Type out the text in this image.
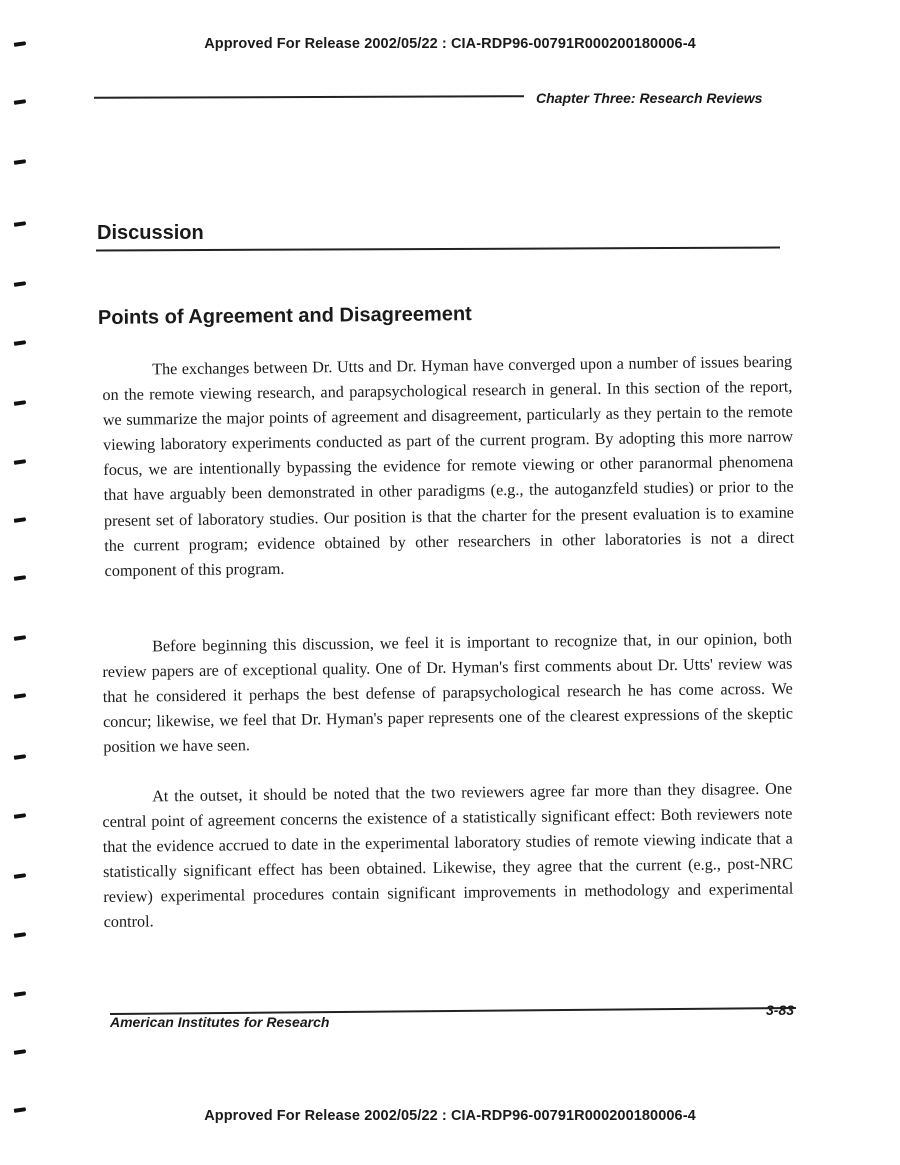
Approved For Release 2002/05/22 : CIA-RDP96-00791R000200180006-4
Chapter Three: Research Reviews
Discussion
Points of Agreement and Disagreement

The exchanges between Dr. Utts and Dr. Hyman have converged upon a number of issues bearing on the remote viewing research, and parapsychological research in general. In this section of the report, we summarize the major points of agreement and disagreement, particularly as they pertain to the remote viewing laboratory experiments conducted as part of the current program. By adopting this more narrow focus, we are intentionally bypassing the evidence for remote viewing or other paranormal phenomena that have arguably been demonstrated in other paradigms (e.g., the autoganzfeld studies) or prior to the present set of laboratory studies. Our position is that the charter for the present evaluation is to examine the current program; evidence obtained by other researchers in other laboratories is not a direct component of this program.

Before beginning this discussion, we feel it is important to recognize that, in our opinion, both review papers are of exceptional quality. One of Dr. Hyman's first comments about Dr. Utts' review was that he considered it perhaps the best defense of parapsychological research he has come across. We concur; likewise, we feel that Dr. Hyman's paper represents one of the clearest expressions of the skeptic position we have seen.

At the outset, it should be noted that the two reviewers agree far more than they disagree. One central point of agreement concerns the existence of a statistically significant effect: Both reviewers note that the evidence accrued to date in the experimental laboratory studies of remote viewing indicate that a statistically significant effect has been obtained. Likewise, they agree that the current (e.g., post-NRC review) experimental procedures contain significant improvements in methodology and experimental control.

American Institutes for Research
3-83
Approved For Release 2002/05/22 : CIA-RDP96-00791R000200180006-4
